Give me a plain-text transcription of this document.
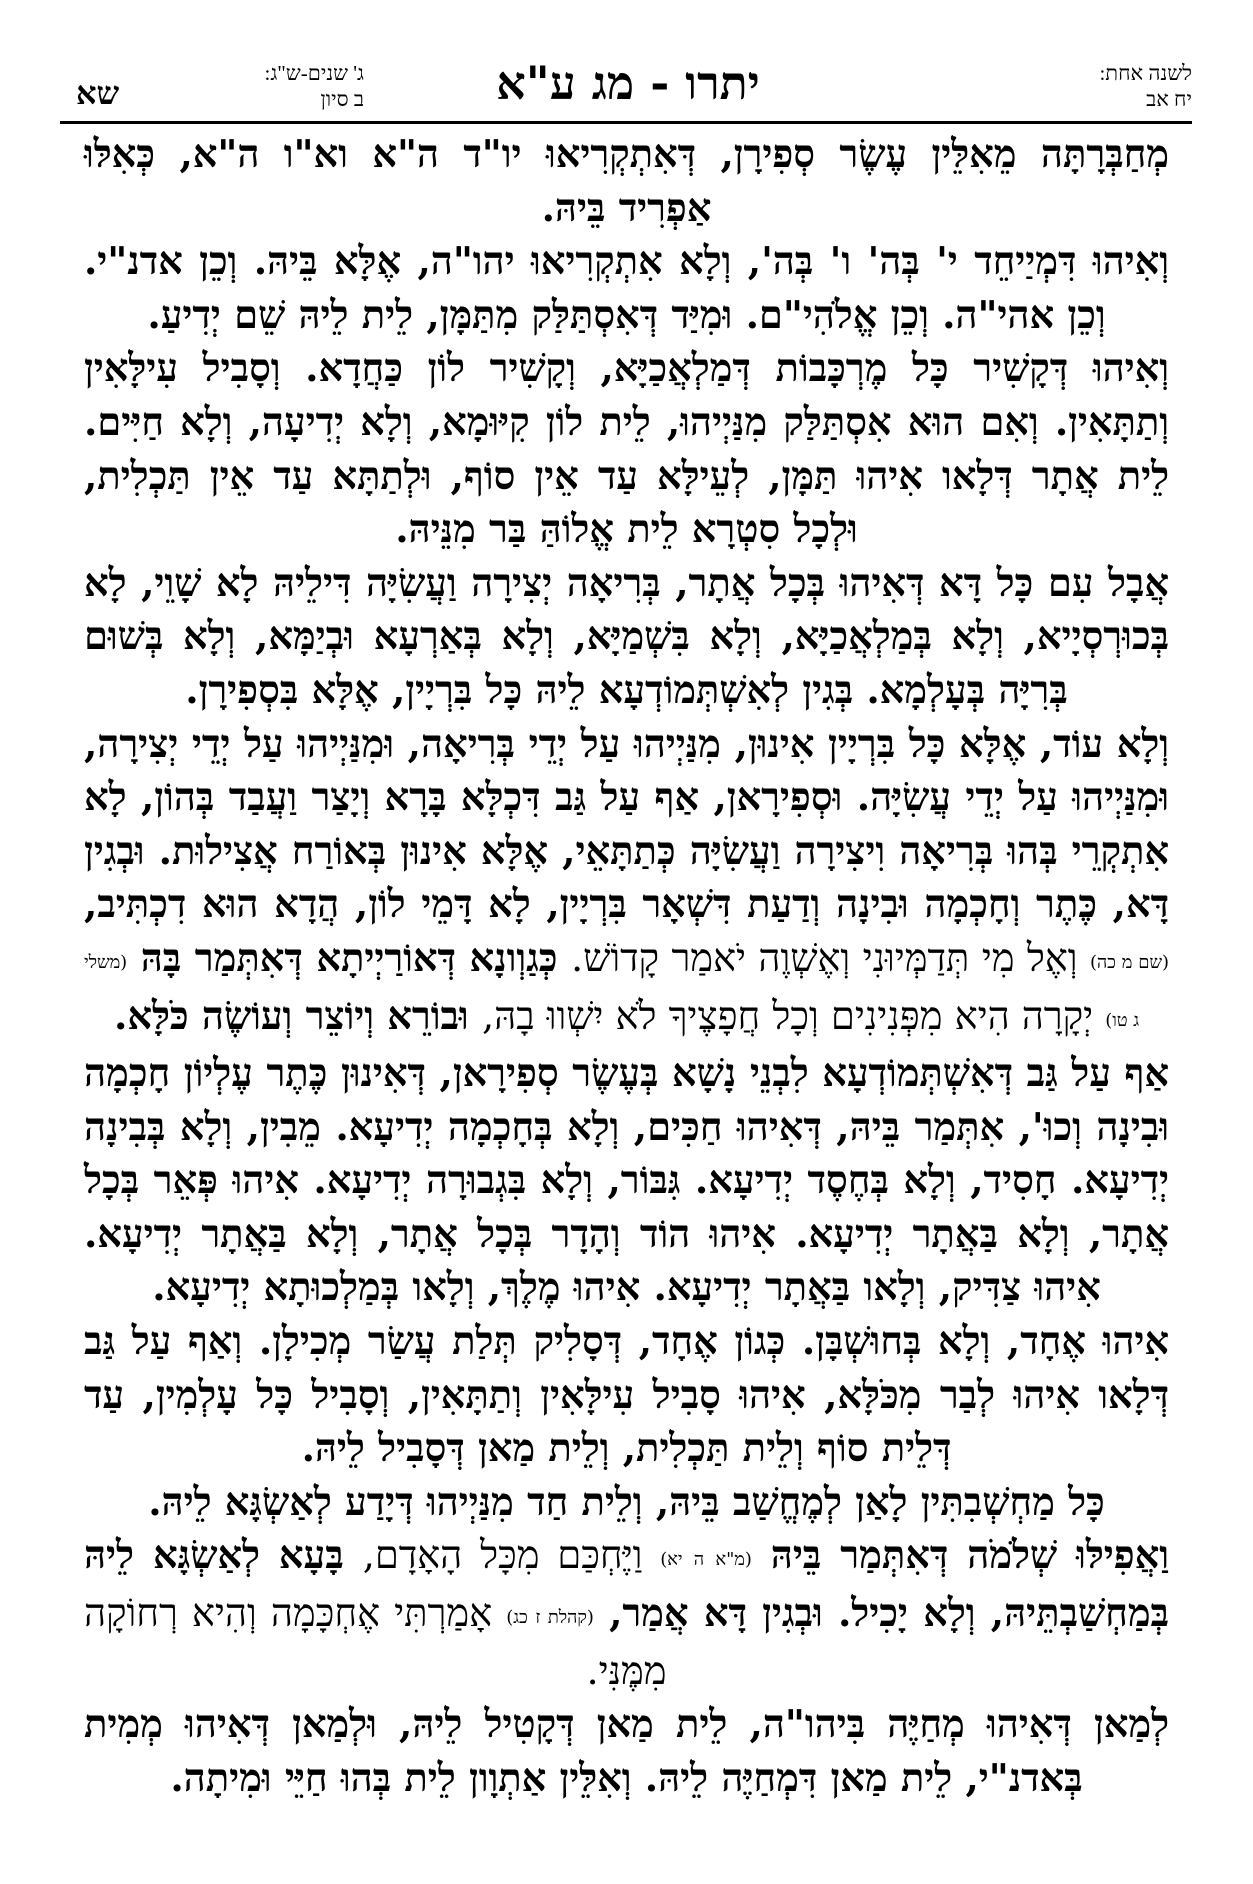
לשנה אחת:
יח אב
יתרו - מג ע"א
ג' שנים-ש"ג:
ב סיון
שא

מְחַבְּרָתָּה מֵאִלֵּין עֶשֶׂר סְפִירָן, דְּאִתְקְרִיאוּ יו"ד ה"א וא"ו ה"א, כְּאִלּוּ אַפְרִיד בֵּיהּ.

וְאִיהוּ דִּמְיַיחֵד י' בְּה' ו' בְּה', וְלָא אִתְקְרִיאוּ יהו"ה, אֶלָּא בֵּיהּ. וְכֵן אדנ"י. וְכֵן אהי"ה. וְכֵן אֱלֹהִי"ם. וּמִיַּד דְּאִסְתַּלַּק מִתַּמָּן, לֵית לֵיהּ שֵׁם יְדִיעַ.

וְאִיהוּ דְּקָשִׁיר כָּל מֶרְכָּבוֹת דְּמַלְאֲכַיָּא, וְקָשִׁיר לוֹן כַּחֲדָא. וְסָבִיל עִילָּאִין וְתַתָּאִין. וְאִם הוּא אִסְתַּלַּק מִנַּיְיהוּ, לֵית לוֹן קִיּוּמָא, וְלָא יְדִיעָה, וְלָא חַיִּים. לֵית אֲתָר דְּלָאו אִיהוּ תַּמָּן, לְעֵילָּא עַד אֵין סוֹף, וּלְתַתָּא עַד אֵין תַּכְלִית, וּלְכָל סִטְרָא לֵית אֱלוֹהַּ בַּר מִנֵּיהּ.

אֲבָל עִם כָּל דָּא דְּאִיהוּ בְּכָל אֲתָר, בְּרִיאָה יְצִירָה וַעֲשִׂיָּה דִּילֵיהּ לָא שָׁוֵי, לָא בְּכוּרְסְיָיא, וְלָא בְּמַלְאֲכַיָּא, וְלָא בִּשְׁמַיָּא, וְלָא בְּאַרְעָא וּבְיַמָּא, וְלָא בְּשׁוּם בְּרִיָּה בְּעָלְמָא. בְּגִין לְאִשְׁתְּמוֹדְעָא לֵיהּ כָּל בִּרְיָין, אֶלָּא בִּסְפִירָן.

וְלָא עוֹד, אֶלָּא כָּל בִּרְיָין אִינוּן, מִנַּיְיהוּ עַל יְדֵי בְּרִיאָה, וּמִנַּיְיהוּ עַל יְדֵי יְצִירָה, וּמִנַּיְיהוּ עַל יְדֵי עֲשִׂיָּה. וּסְפִירָאן, אַף עַל גַּב דִּכְלָּא בָּרָא וְיָצַר וַעֲבַד בְּהוֹן, לָא אִתְקְרֵי בְּהוּ בְּרִיאָה וִיצִירָה וַעֲשִׂיָּה כְּתַתָּאֵי, אֶלָּא אִינוּן בְּאוֹרַח אֲצִילוּת. וּבְגִין דָּא, כֶּתֶר וְחָכְמָה וּבִינָה וְדַעַת דִּשְׁאָר בִּרְיָין, לָא דָּמֵי לוֹן, הֲדָא הוּא דִכְתִּיב, (שם מ כה) וְאֶל מִי תְּדַמְּיוּנִי וְאֶשְׁוֶה יֹאמַר קָדוֹשׁ. כְּגַוְונָא דְּאוֹרַיְיתָא דְּאִתְּמַר בָּהּ (משלי ג טו) יְקָרָה הִיא מִפְּנִינִים וְכָל חֲפָצֶיךָ לֹא יִשְׁווּ בָהּ, וּבוֹרֵא וְיוֹצֵר וְעוֹשֶׂה כֹּלָּא.

אַף עַל גַּב דְּאִשְׁתְּמוֹדְעָא לִבְנֵי נָשָׁא בְּעֶשֶׂר סְפִירָאן, דְּאִינוּן כֶּתֶר עֶלְיוֹן חָכְמָה וּבִינָה וְכוּ', אִתְּמַר בֵּיהּ, דְּאִיהוּ חַכִּים, וְלָא בְּחָכְמָה יְדִיעָא. מֵבִין, וְלָא בְּבִינָה יְדִיעָא. חָסִיד, וְלָא בְּחֶסֶד יְדִיעָא. גִּבּוֹר, וְלָא בִּגְבוּרָה יְדִיעָא. אִיהוּ פְּאֵר בְּכָל אֲתָר, וְלָא בַּאֲתָר יְדִיעָא. אִיהוּ הוֹד וְהָדָר בְּכָל אֲתָר, וְלָא בַּאֲתָר יְדִיעָא. אִיהוּ צַדִּיק, וְלָאו בַּאֲתָר יְדִיעָא. אִיהוּ מֶלֶךְ, וְלָאו בְּמַלְכוּתָא יְדִיעָא.

אִיהוּ אֶחָד, וְלָא בְּחוּשְׁבָּן. כְּגוֹן אֶחָד, דְּסָלִיק תְּלַת עֲשַׂר מְכִילָן. וְאַף עַל גַּב דְּלָאו אִיהוּ לְבַר מִכֹּלָּא, אִיהוּ סָבִיל עִילָּאִין וְתַתָּאִין, וְסָבִיל כָּל עָלְמִין, עַד דְּלֵית סוֹף וְלֵית תַּכְלִית, וְלֵית מַאן דְּסָבִיל לֵיהּ.

כָּל מַחְשְׁבִתִּין לָאַן לְמֶחֱשַׁב בֵּיהּ, וְלֵית חַד מִנַּיְיהוּ דְּיָדַע לְאַשְׂגָּא לֵיהּ.

וַאֲפִילּוּ שְׁלֹמֹה דְּאִתְּמַר בֵּיהּ (מ"א ה יא) וַיֶּחְכַּם מִכָּל הָאָדָם, בָּעָא לְאַשְׂגָּא לֵיהּ בְּמַחְשַׁבְתֵּיהּ, וְלָא יָכִיל. וּבְגִין דָּא אֲמַר, (קהלת ז כג) אָמַרְתִּי אֶחְכָּמָה וְהִיא רְחוֹקָה מִמֶּנִּי.

לְמַאן דְּאִיהוּ מְחַיֶּה בִּיהו"ה, לֵית מַאן דְּקָטִיל לֵיהּ, וּלְמַאן דְּאִיהוּ מְמִית בְּאדנ"י, לֵית מַאן דִּמְחַיֶּה לֵיהּ. וְאִלֵּין אַתְוָון לֵית בְּהוּ חַיֵּי וּמִיתָה.
